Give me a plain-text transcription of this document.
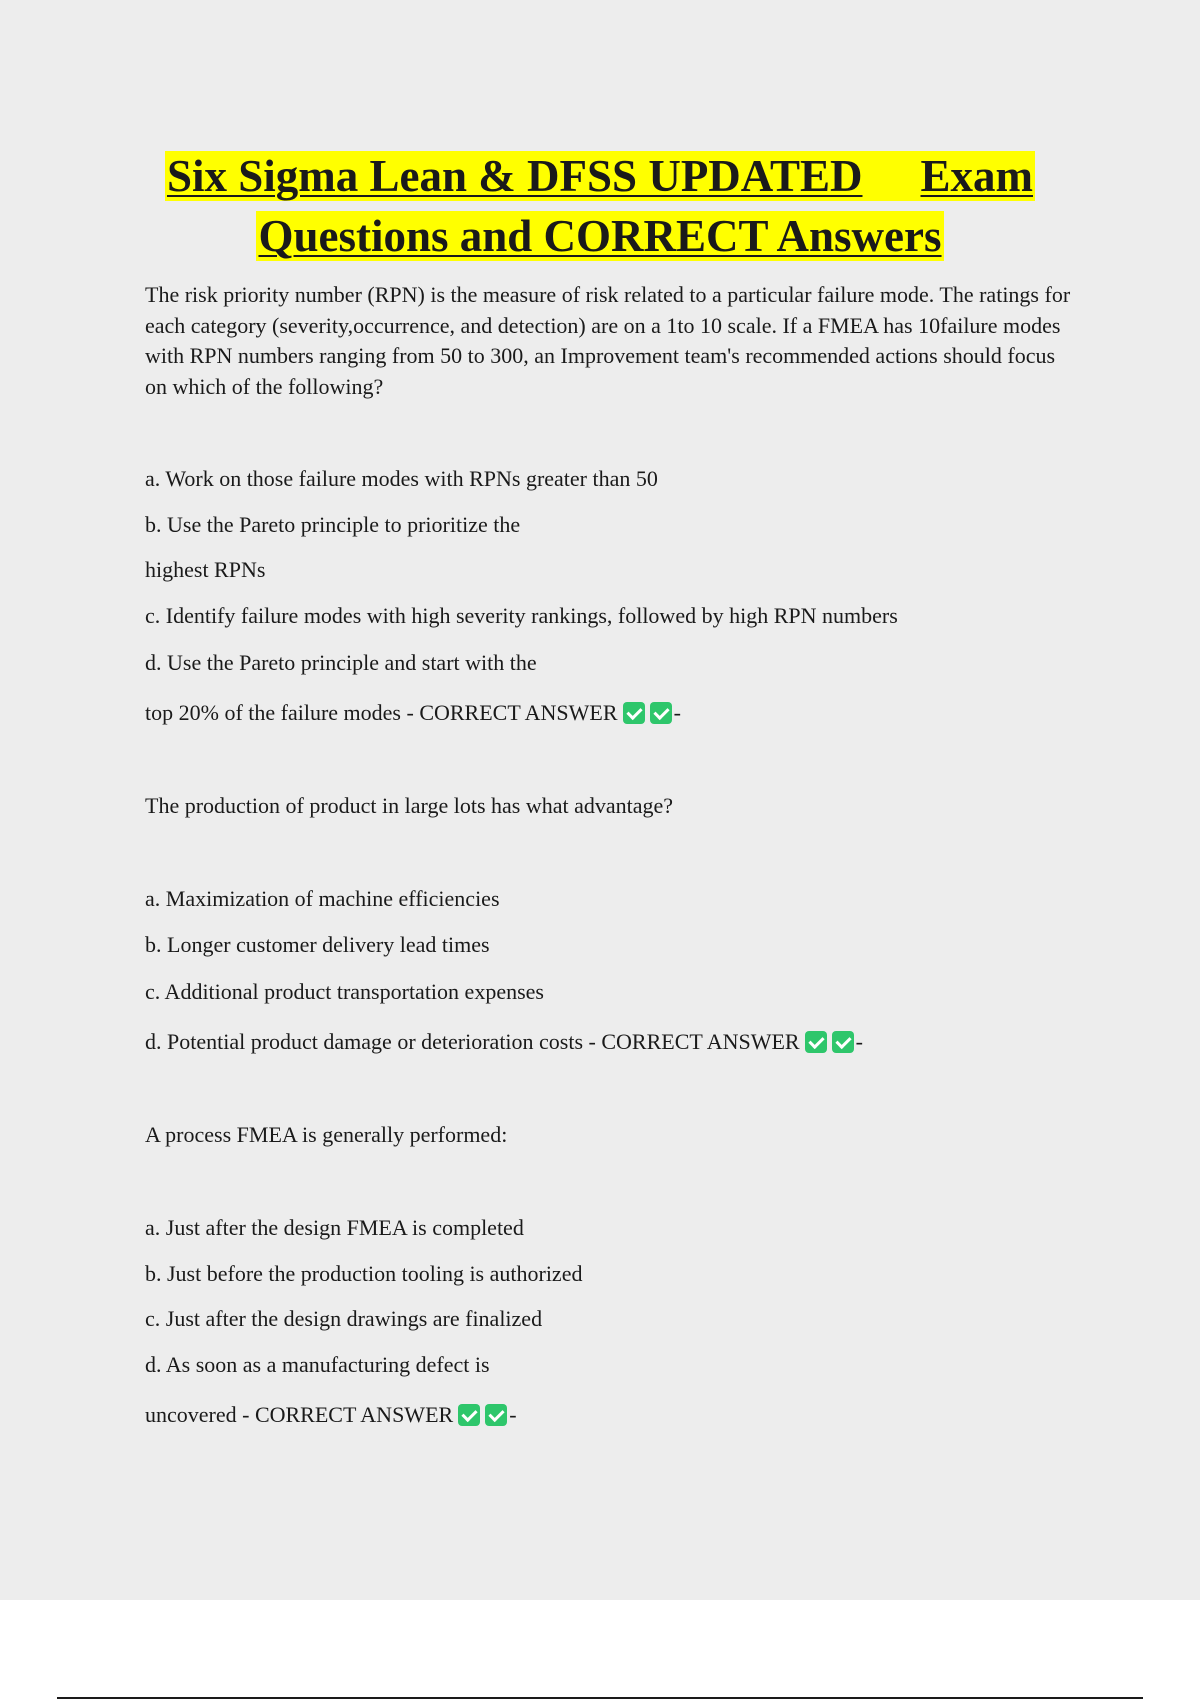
Six Sigma Lean & DFSS UPDATED Exam
Questions and CORRECT Answers
The risk priority number (RPN) is the measure of risk related to a particular failure mode. The ratings for each category (severity,occurrence, and detection) are on a 1to 10 scale. If a FMEA has 10failure modes with RPN numbers ranging from 50 to 300, an Improvement team's recommended actions should focus on which of the following?
a. Work on those failure modes with RPNs greater than 50
b. Use the Pareto principle to prioritize the
highest RPNs
c. Identify failure modes with high severity rankings, followed by high RPN numbers
d. Use the Pareto principle and start with the
top 20% of the failure modes - CORRECT ANSWER	-
The production of product in large lots has what advantage?
a. Maximization of machine efficiencies
b. Longer customer delivery lead times
c. Additional product transportation expenses
d. Potential product damage or deterioration costs - CORRECT ANSWER	-
A process FMEA is generally performed:
a. Just after the design FMEA is completed
b. Just before the production tooling is authorized
c. Just after the design drawings are finalized
d. As soon as a manufacturing defect is
uncovered - CORRECT ANSWER	-
